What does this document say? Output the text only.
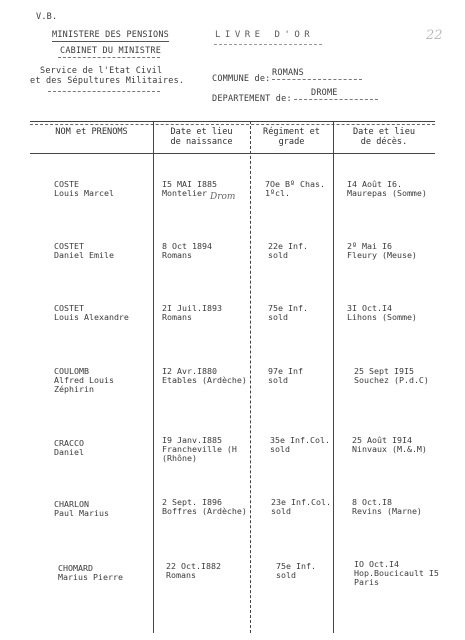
V.B.
MINISTERE DES PENSIONS
CABINET DU MINISTRE
Service de l'Etat Civil
et des Sépultures Militaires.
LIVRE D'OR	22
COMMUNE de:
ROMANS
DEPARTEMENT de:
DROME
NOM et PRENOMS	Date et lieu
de naissance
Régiment et
grade
Date et lieu
de décès.
COSTE
Louis Marcel
I5 MAI I885
Montelier Drom
7Oe Bº Chas.
1ºcl.
I4 Août I6.
Maurepas (Somme)
COSTET
Daniel Emile
8 Oct 1894
Romans
22e Inf.
sold
2º Mai I6
Fleury (Meuse)
COSTET
Louis Alexandre
2I Juil.I893
Romans
75e Inf.
sold
3I Oct.I4
Lihons (Somme)
COULOMB
Alfred Louis
Zéphirin
I2 Avr.I880
Etables (Ardèche)
97e Inf
sold
25 Sept I9I5
Souchez (P.d.C)
CRACCO
Daniel
I9 Janv.I885
Francheville (H
(Rhône)
35e Inf.Col.
sold
25 Août I9I4
Ninvaux (M.&.M)
CHARLON
Paul Marius
2 Sept. I896
Boffres (Ardèche)
23e Inf.Col.
sold
8 Oct.I8
Revins (Marne)
CHOMARD
Marius Pierre
22 Oct.I882
Romans
75e Inf.
sold
IO Oct.I4
Hop.Boucicault I5
Paris
